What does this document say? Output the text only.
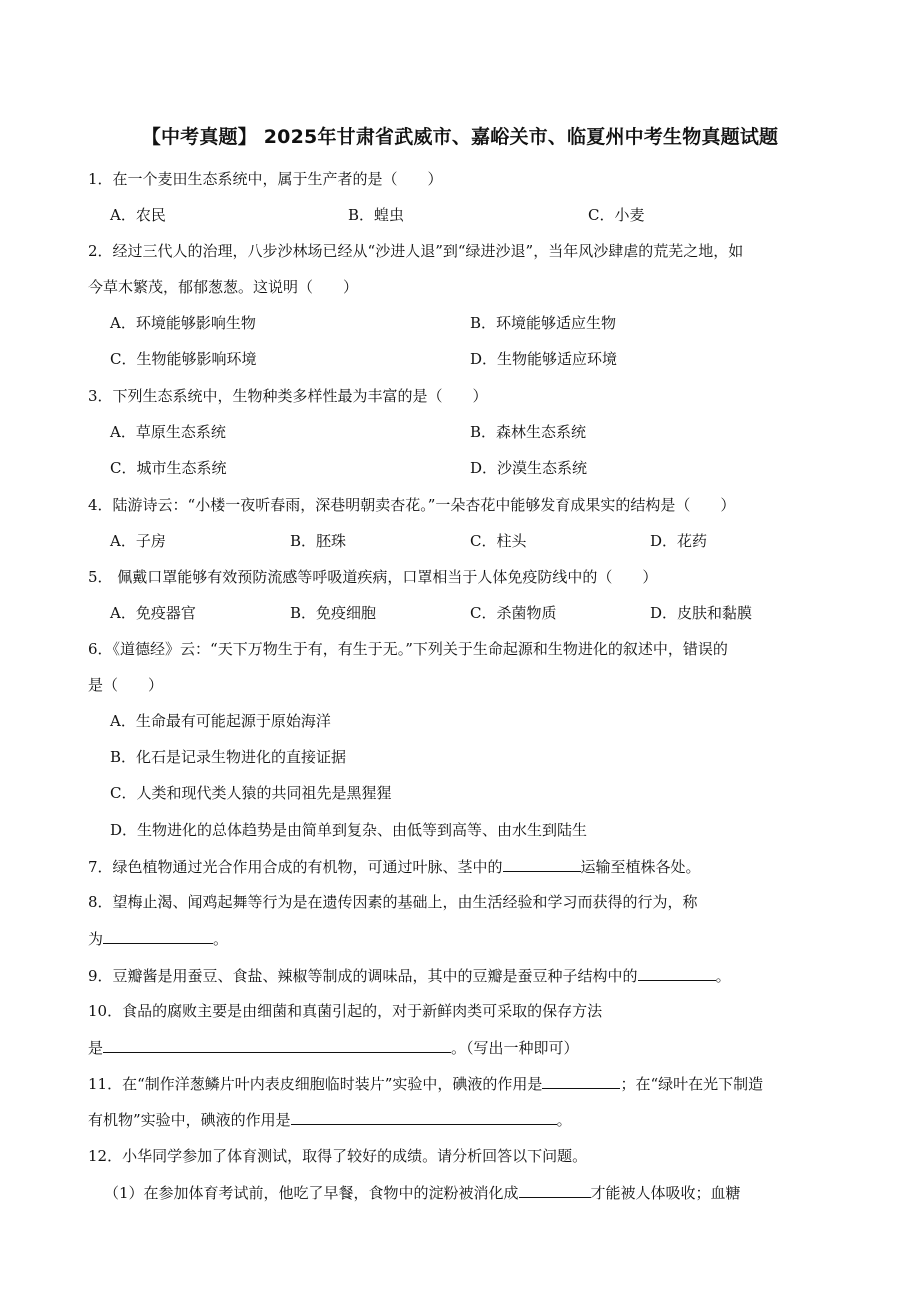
【中考真题】 2025年甘肃省武威市、嘉峪关市、临夏州中考生物真题试题
1．在一个麦田生态系统中，属于生产者的是（　　）
A．农民	B．蝗虫	C．小麦
2．经过三代人的治理，八步沙林场已经从“沙进人退”到“绿进沙退”，当年风沙肆虐的荒芜之地，如
今草木繁茂，郁郁葱葱。这说明（　　）
A．环境能够影响生物	B．环境能够适应生物
C．生物能够影响环境	D．生物能够适应环境
3．下列生态系统中，生物种类多样性最为丰富的是（　　）
A．草原生态系统	B．森林生态系统
C．城市生态系统	D．沙漠生态系统
4．陆游诗云：“小楼一夜听春雨，深巷明朝卖杏花。”一朵杏花中能够发育成果实的结构是（　　）
A．子房	B．胚珠	C．柱头	D．花药
5． 佩戴口罩能够有效预防流感等呼吸道疾病，口罩相当于人体免疫防线中的（　　）
A．免疫器官	B．免疫细胞	C．杀菌物质	D．皮肤和黏膜
6．《道德经》云：“天下万物生于有，有生于无。”下列关于生命起源和生物进化的叙述中，错误的
是（　　）
A．生命最有可能起源于原始海洋
B．化石是记录生物进化的直接证据
C．人类和现代类人猿的共同祖先是黑猩猩
D．生物进化的总体趋势是由简单到复杂、由低等到高等、由水生到陆生
7．绿色植物通过光合作用合成的有机物，可通过叶脉、茎中的	运输至植株各处。
8．望梅止渴、闻鸡起舞等行为是在遗传因素的基础上，由生活经验和学习而获得的行为，称
为	。
9．豆瓣酱是用蚕豆、食盐、辣椒等制成的调味品，其中的豆瓣是蚕豆种子结构中的	。
10．食品的腐败主要是由细菌和真菌引起的，对于新鲜肉类可采取的保存方法
是	。（写出一种即可）
11．在“制作洋葱鳞片叶内表皮细胞临时装片”实验中，碘液的作用是	；在“绿叶在光下制造
有机物”实验中，碘液的作用是	。
12．小华同学参加了体育测试，取得了较好的成绩。请分析回答以下问题。
（1）在参加体育考试前，他吃了早餐，食物中的淀粉被消化成	才能被人体吸收；血糖
